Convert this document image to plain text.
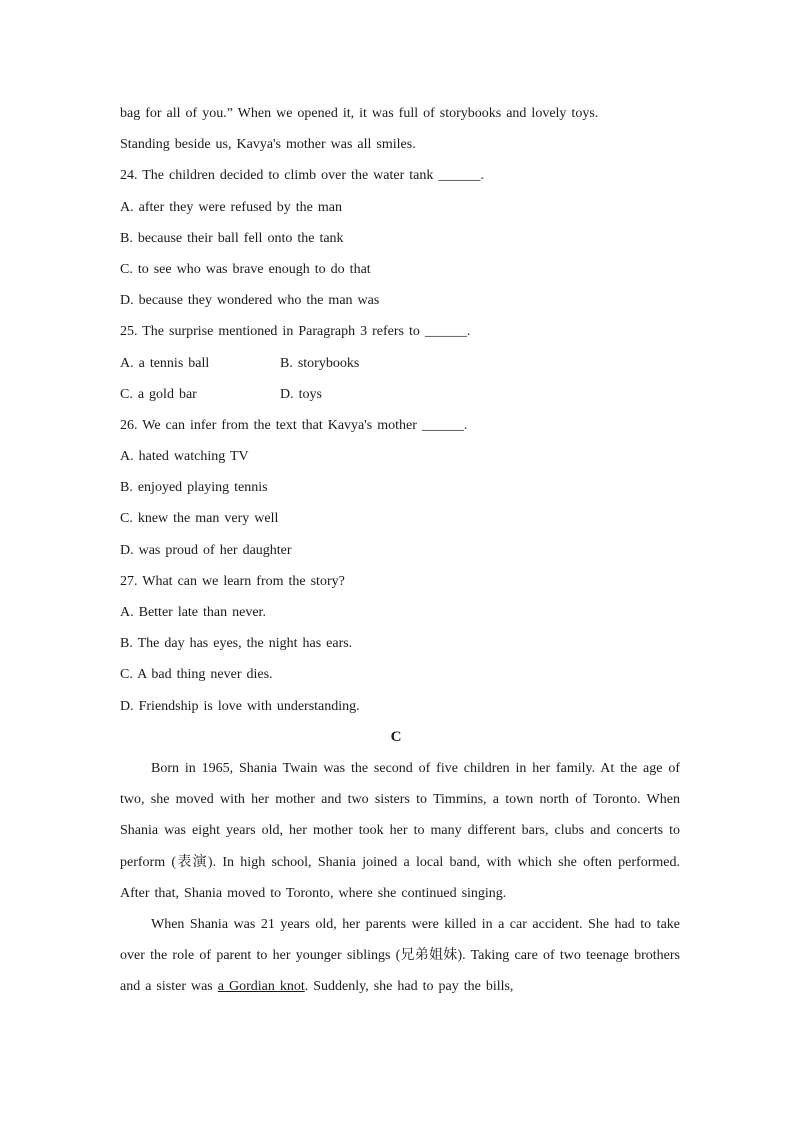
bag for all of you.” When we opened it, it was full of storybooks and lovely toys.
Standing beside us, Kavya's mother was all smiles.
24. The children decided to climb over the water tank ______.
A. after they were refused by the man
B. because their ball fell onto the tank
C. to see who was brave enough to do that
D. because they wondered who the man was
25. The surprise mentioned in Paragraph 3 refers to ______.
A. a tennis ball	B. storybooks
C. a gold bar	D. toys
26. We can infer from the text that Kavya's mother ______.
A. hated watching TV
B. enjoyed playing tennis
C. knew the man very well
D. was proud of her daughter
27. What can we learn from the story?
A. Better late than never.
B. The day has eyes, the night has ears.
C. A bad thing never dies.
D. Friendship is love with understanding.
C

Born in 1965, Shania Twain was the second of five children in her family. At the age of two, she moved with her mother and two sisters to Timmins, a town north of Toronto. When Shania was eight years old, her mother took her to many different bars, clubs and concerts to perform (表演). In high school, Shania joined a local band, with which she often performed. After that, Shania moved to Toronto, where she continued singing.

When Shania was 21 years old, her parents were killed in a car accident. She had to take over the role of parent to her younger siblings (兄弟姐妹). Taking care of two teenage brothers and a sister was a Gordian knot. Suddenly, she had to pay the bills,
